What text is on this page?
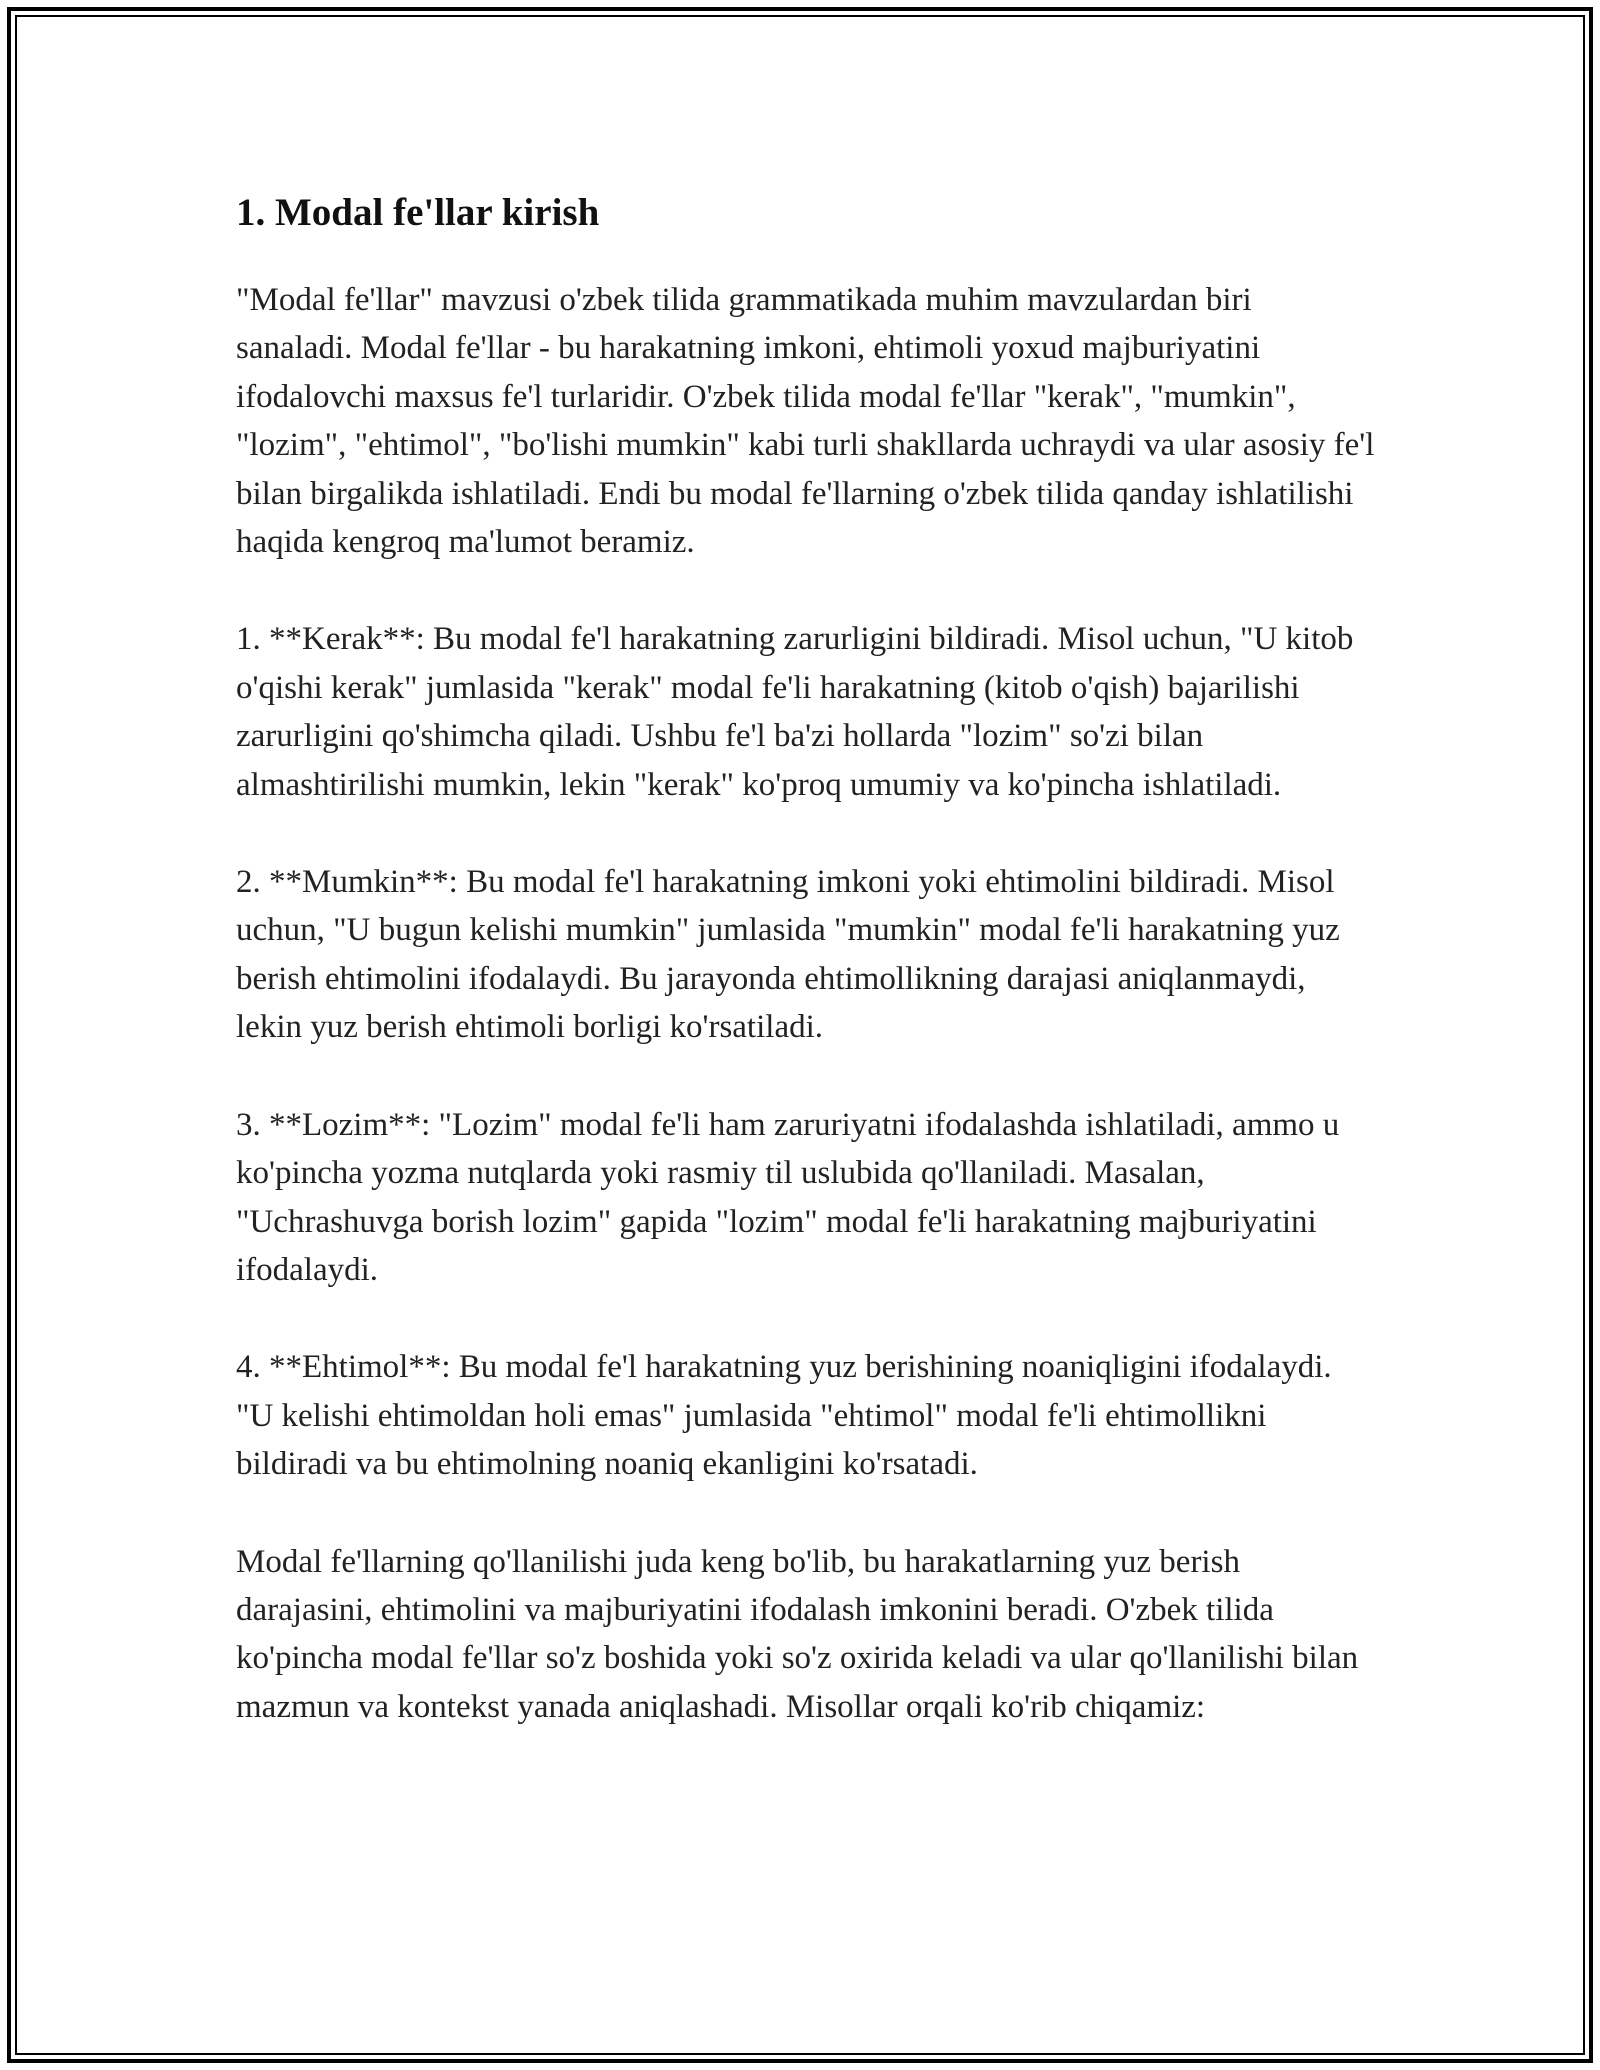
1. Modal fe'llar kirish

"Modal fe'llar" mavzusi o'zbek tilida grammatikada muhim mavzulardan biri sanaladi. Modal fe'llar - bu harakatning imkoni, ehtimoli yoxud majburiyatini ifodalovchi maxsus fe'l turlaridir. O'zbek tilida modal fe'llar "kerak", "mumkin", "lozim", "ehtimol", "bo'lishi mumkin" kabi turli shakllarda uchraydi va ular asosiy fe'l bilan birgalikda ishlatiladi. Endi bu modal fe'llarning o'zbek tilida qanday ishlatilishi haqida kengroq ma'lumot beramiz.

1. **Kerak**: Bu modal fe'l harakatning zarurligini bildiradi. Misol uchun, "U kitob o'qishi kerak" jumlasida "kerak" modal fe'li harakatning (kitob o'qish) bajarilishi zarurligini qo'shimcha qiladi. Ushbu fe'l ba'zi hollarda "lozim" so'zi bilan almashtirilishi mumkin, lekin "kerak" ko'proq umumiy va ko'pincha ishlatiladi.

2. **Mumkin**: Bu modal fe'l harakatning imkoni yoki ehtimolini bildiradi. Misol uchun, "U bugun kelishi mumkin" jumlasida "mumkin" modal fe'li harakatning yuz berish ehtimolini ifodalaydi. Bu jarayonda ehtimollikning darajasi aniqlanmaydi, lekin yuz berish ehtimoli borligi ko'rsatiladi.

3. **Lozim**: "Lozim" modal fe'li ham zaruriyatni ifodalashda ishlatiladi, ammo u ko'pincha yozma nutqlarda yoki rasmiy til uslubida qo'llaniladi. Masalan, "Uchrashuvga borish lozim" gapida "lozim" modal fe'li harakatning majburiyatini ifodalaydi.

4. **Ehtimol**: Bu modal fe'l harakatning yuz berishining noaniqligini ifodalaydi. "U kelishi ehtimoldan holi emas" jumlasida "ehtimol" modal fe'li ehtimollikni bildiradi va bu ehtimolning noaniq ekanligini ko'rsatadi.

Modal fe'llarning qo'llanilishi juda keng bo'lib, bu harakatlarning yuz berish darajasini, ehtimolini va majburiyatini ifodalash imkonini beradi. O'zbek tilida ko'pincha modal fe'llar so'z boshida yoki so'z oxirida keladi va ular qo'llanilishi bilan mazmun va kontekst yanada aniqlashadi. Misollar orqali ko'rib chiqamiz:
